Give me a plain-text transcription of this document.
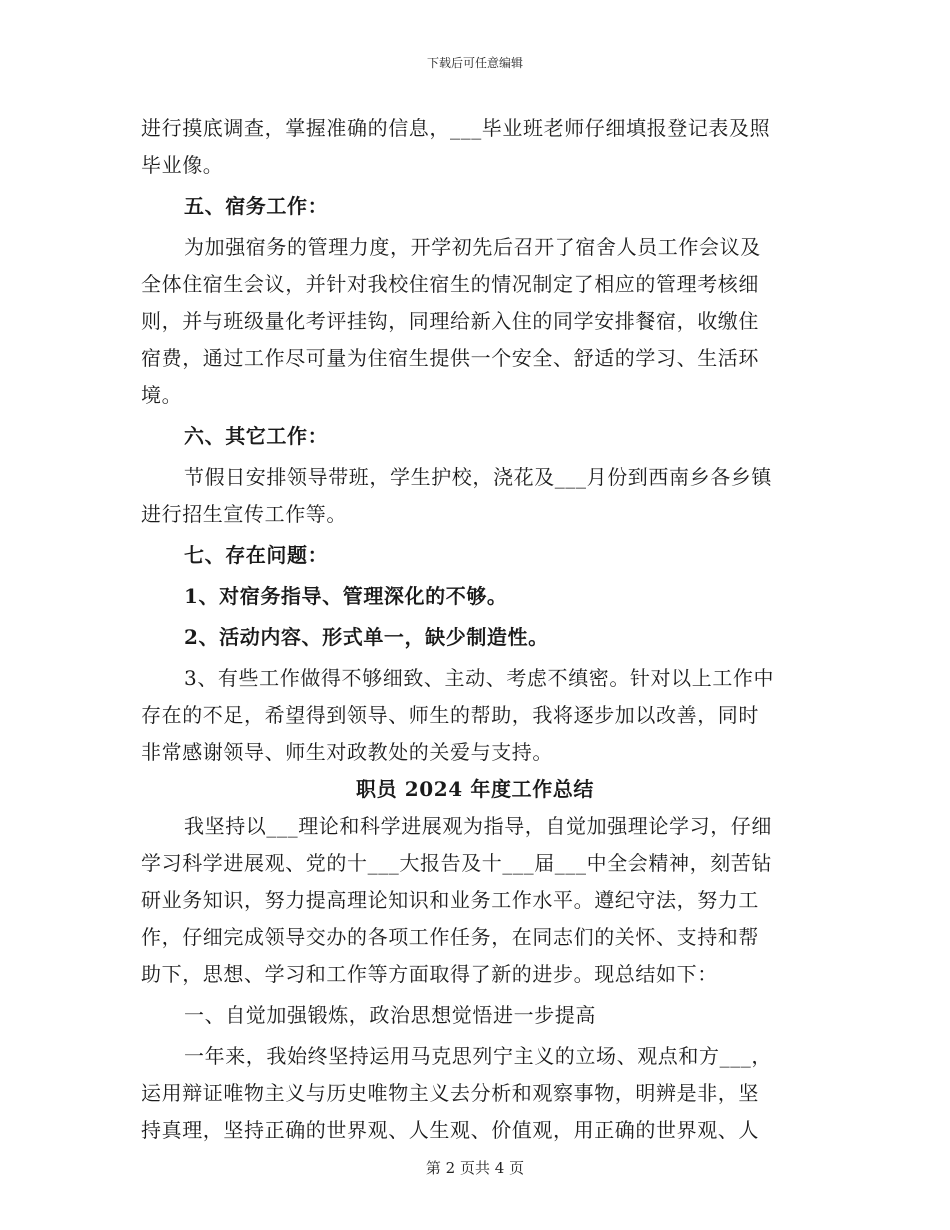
下载后可任意编辑
进行摸底调查，掌握准确的信息，___毕业班老师仔细填报登记表及照
毕业像。
五、宿务工作：
为加强宿务的管理力度，开学初先后召开了宿舍人员工作会议及
全体住宿生会议，并针对我校住宿生的情况制定了相应的管理考核细
则，并与班级量化考评挂钩，同理给新入住的同学安排餐宿，收缴住
宿费，通过工作尽可量为住宿生提供一个安全、舒适的学习、生活环
境。
六、其它工作：
节假日安排领导带班，学生护校，浇花及___月份到西南乡各乡镇
进行招生宣传工作等。
七、存在问题：
1、对宿务指导、管理深化的不够。
2、活动内容、形式单一，缺少制造性。
3、有些工作做得不够细致、主动、考虑不缜密。针对以上工作中
存在的不足，希望得到领导、师生的帮助，我将逐步加以改善，同时
非常感谢领导、师生对政教处的关爱与支持。
职员 2024 年度工作总结
我坚持以___理论和科学进展观为指导，自觉加强理论学习，仔细
学习科学进展观、党的十___大报告及十___届___中全会精神，刻苦钻
研业务知识，努力提高理论知识和业务工作水平。遵纪守法，努力工
作，仔细完成领导交办的各项工作任务，在同志们的关怀、支持和帮
助下，思想、学习和工作等方面取得了新的进步。现总结如下：
一、自觉加强锻炼，政治思想觉悟进一步提高
一年来，我始终坚持运用马克思列宁主义的立场、观点和方___，
运用辩证唯物主义与历史唯物主义去分析和观察事物，明辨是非，坚
持真理，坚持正确的世界观、人生观、价值观，用正确的世界观、人
第 2 页共 4 页
